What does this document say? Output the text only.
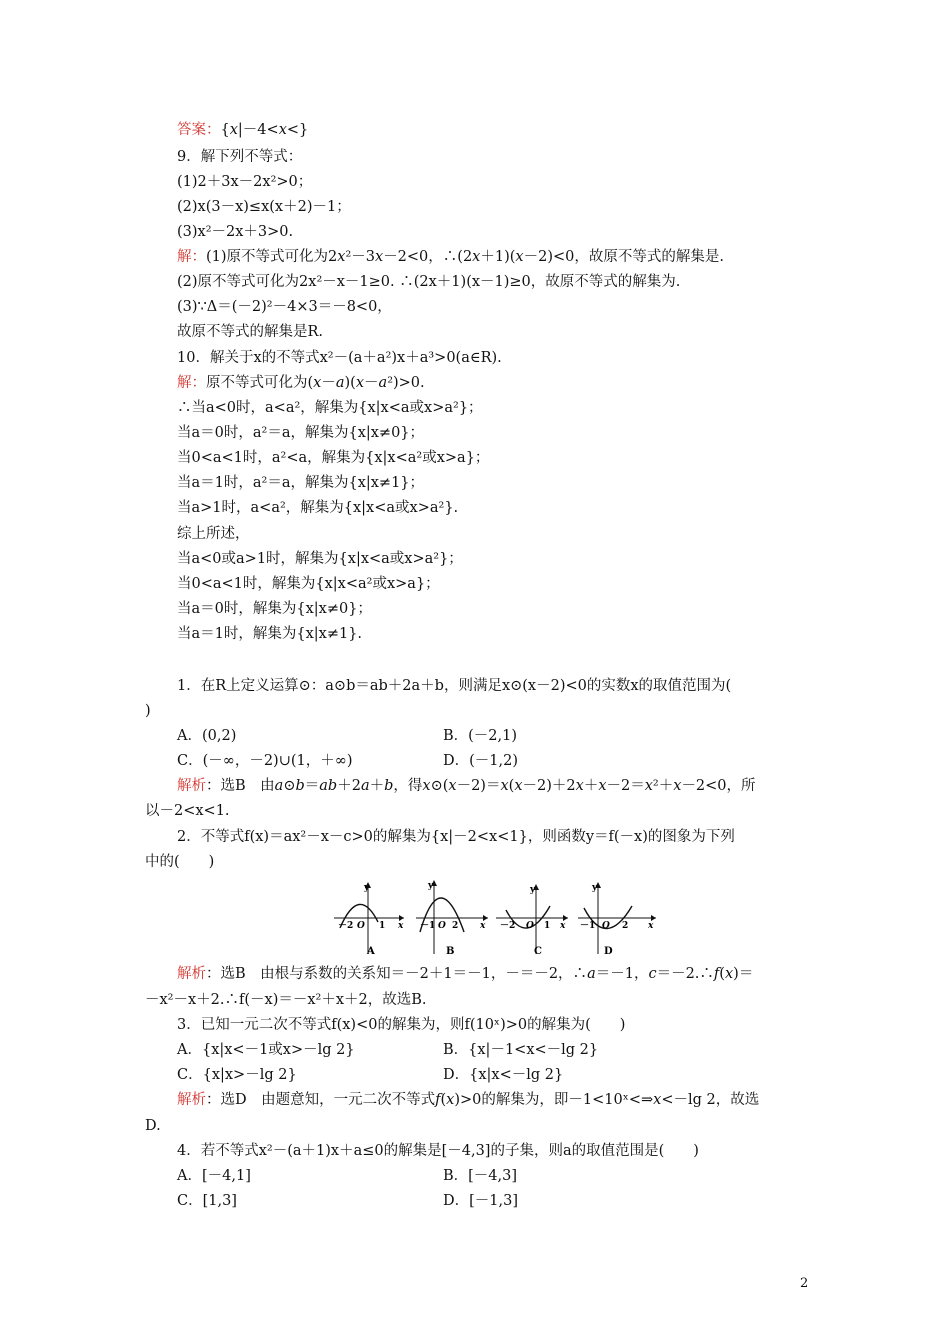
答案：{x|－4<x<}
9．解下列不等式：
(1)2＋3x－2x²>0；
(2)x(3－x)≤x(x＋2)－1；
(3)x²－2x＋3>0.
解：(1)原不等式可化为2x²－3x－2<0，∴(2x＋1)(x－2)<0，故原不等式的解集是.
(2)原不等式可化为2x²－x－1≥0. ∴(2x＋1)(x－1)≥0，故原不等式的解集为.
(3)∵Δ＝(－2)²－4×3＝－8<0，
故原不等式的解集是R.
10．解关于x的不等式x²－(a＋a²)x＋a³>0(a∈R).
解：原不等式可化为(x－a)(x－a²)>0.
∴当a<0时，a<a²，解集为{x|x<a或x>a²}；
当a＝0时，a²＝a，解集为{x|x≠0}；
当0<a<1时，a²<a，解集为{x|x<a²或x>a}；
当a＝1时，a²＝a，解集为{x|x≠1}；
当a>1时，a<a²，解集为{x|x<a或x>a²}.
综上所述，
当a<0或a>1时，解集为{x|x<a或x>a²}；
当0<a<1时，解集为{x|x<a²或x>a}；
当a＝0时，解集为{x|x≠0}；
当a＝1时，解集为{x|x≠1}.
1．在R上定义运算⊙：a⊙b＝ab＋2a＋b，则满足x⊙(x－2)<0的实数x的取值范围为(
)
A．(0,2)	B．(－2,1)
C．(－∞，－2)∪(1，＋∞)	D．(－1,2)
解析：选B　由a⊙b＝ab＋2a＋b，得x⊙(x－2)＝x(x－2)＋2x＋x－2＝x²＋x－2<0，所
以－2<x<1.
2．不等式f(x)＝ax²－x－c>0的解集为{x|－2<x<1}，则函数y＝f(－x)的图象为下列
中的(　　)
y
－2 O 1 x
A
y
－1 O 2 x
B
y
－2 O 1 x
C
y
－1 O 2 x
D
解析：选B　由根与系数的关系知＝－2＋1＝－1，－＝－2，∴a＝－1，c＝－2.∴f(x)＝
－x²－x＋2.∴f(－x)＝－x²＋x＋2，故选B.
3．已知一元二次不等式f(x)<0的解集为，则f(10ˣ)>0的解集为(　　)
A．{x|x<－1或x>－lg 2}	B．{x|－1<x<－lg 2}
C．{x|x>－lg 2}	D．{x|x<－lg 2}
解析：选D　由题意知，一元二次不等式f(x)>0的解集为，即－1<10ˣ<⇒x<－lg 2，故选
D.
4．若不等式x²－(a＋1)x＋a≤0的解集是[－4,3]的子集，则a的取值范围是(　　)
A．[－4,1]	B．[－4,3]
C．[1,3]	D．[－1,3]
2
